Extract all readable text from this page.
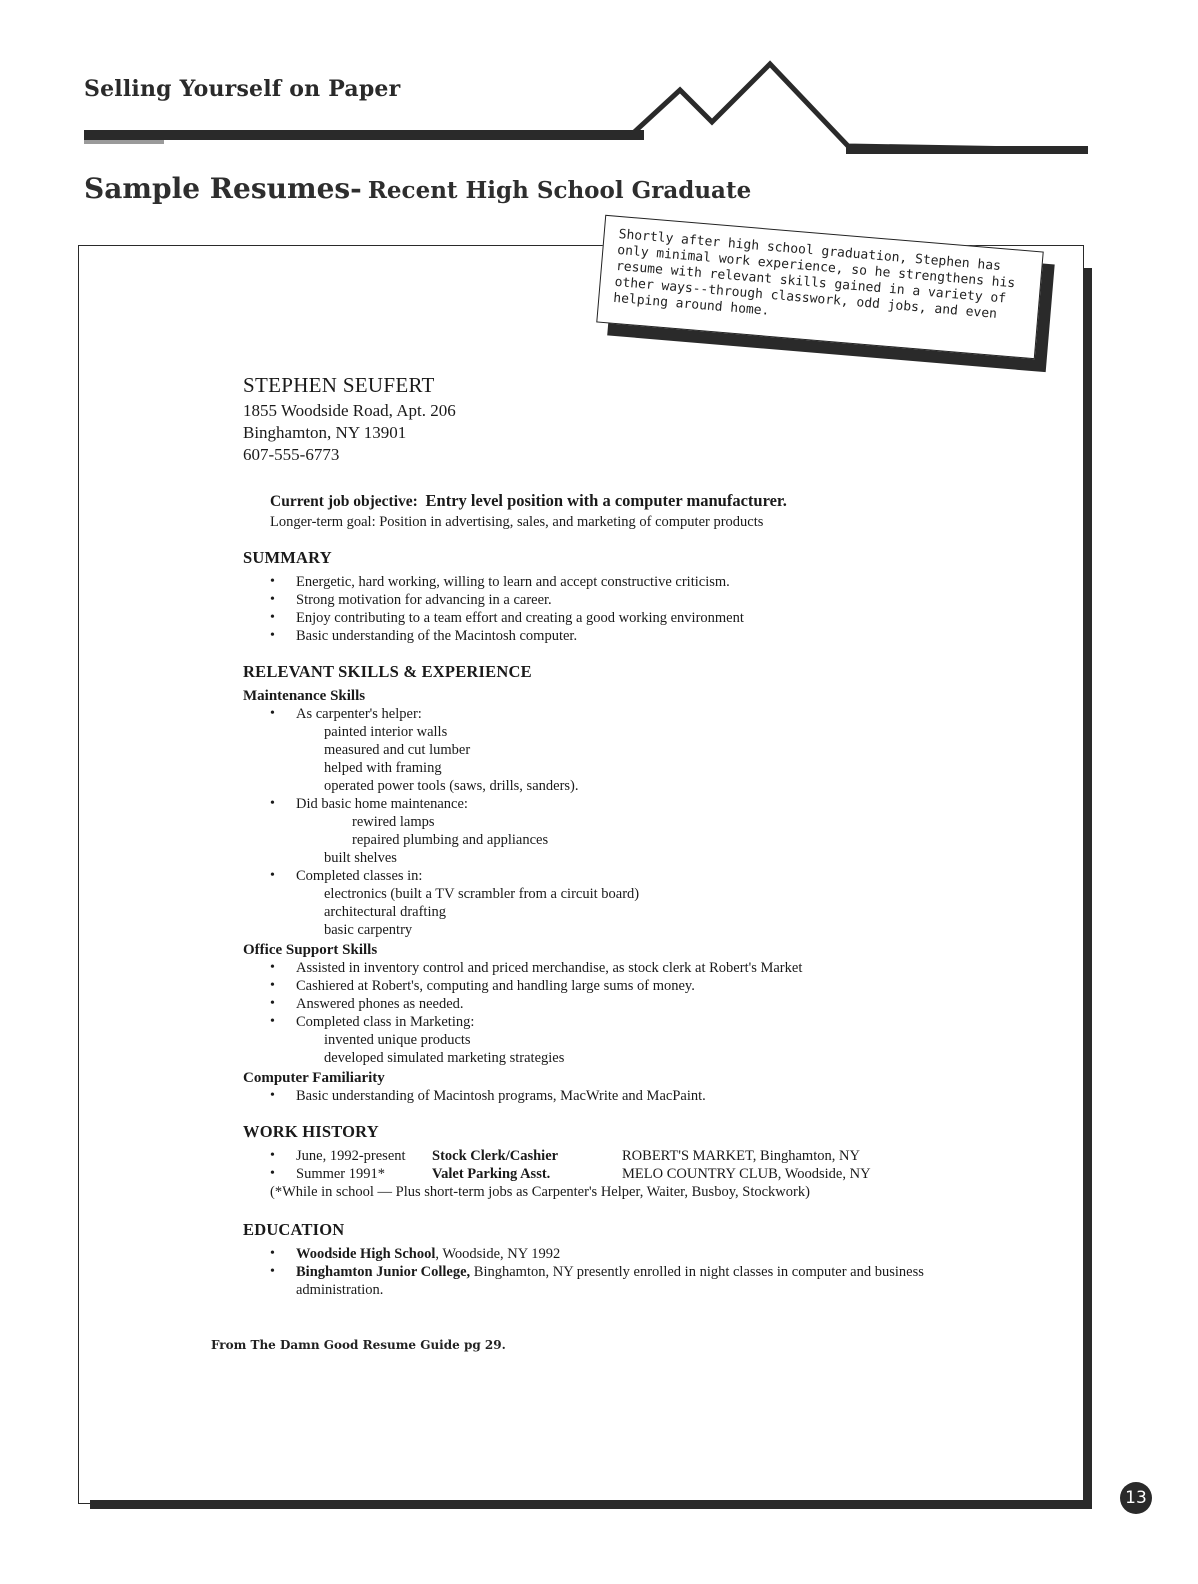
Selling Yourself on Paper
Sample Resumes- Recent High School Graduate
Shortly after high school graduation, Stephen has only minimal work experience, so he strengthens his resume with relevant skills gained in a variety of other ways--through classwork, odd jobs, and even helping around home.
STEPHEN SEUFERT
1855 Woodside Road, Apt. 206
Binghamton, NY 13901
607-555-6773
Current job objective: Entry level position with a computer manufacturer.
Longer-term goal: Position in advertising, sales, and marketing of computer products
SUMMARY
• Energetic, hard working, willing to learn and accept constructive criticism.
• Strong motivation for advancing in a career.
• Enjoy contributing to a team effort and creating a good working environment
• Basic understanding of the Macintosh computer.
RELEVANT SKILLS & EXPERIENCE
Maintenance Skills
• As carpenter's helper:
painted interior walls
measured and cut lumber
helped with framing
operated power tools (saws, drills, sanders).
• Did basic home maintenance:
rewired lamps
repaired plumbing and appliances
built shelves
• Completed classes in:
electronics (built a TV scrambler from a circuit board)
architectural drafting
basic carpentry
Office Support Skills
• Assisted in inventory control and priced merchandise, as stock clerk at Robert's Market
• Cashiered at Robert's, computing and handling large sums of money.
• Answered phones as needed.
• Completed class in Marketing:
invented unique products
developed simulated marketing strategies
Computer Familiarity
• Basic understanding of Macintosh programs, MacWrite and MacPaint.
WORK HISTORY
• June, 1992-present	Stock Clerk/Cashier	ROBERT'S MARKET, Binghamton, NY
• Summer 1991*	Valet Parking Asst.	MELO COUNTRY CLUB, Woodside, NY
(*While in school — Plus short-term jobs as Carpenter's Helper, Waiter, Busboy, Stockwork)
EDUCATION
• Woodside High School, Woodside, NY 1992
• Binghamton Junior College, Binghamton, NY presently enrolled in night classes in computer and business administration.
From The Damn Good Resume Guide pg 29.
13
